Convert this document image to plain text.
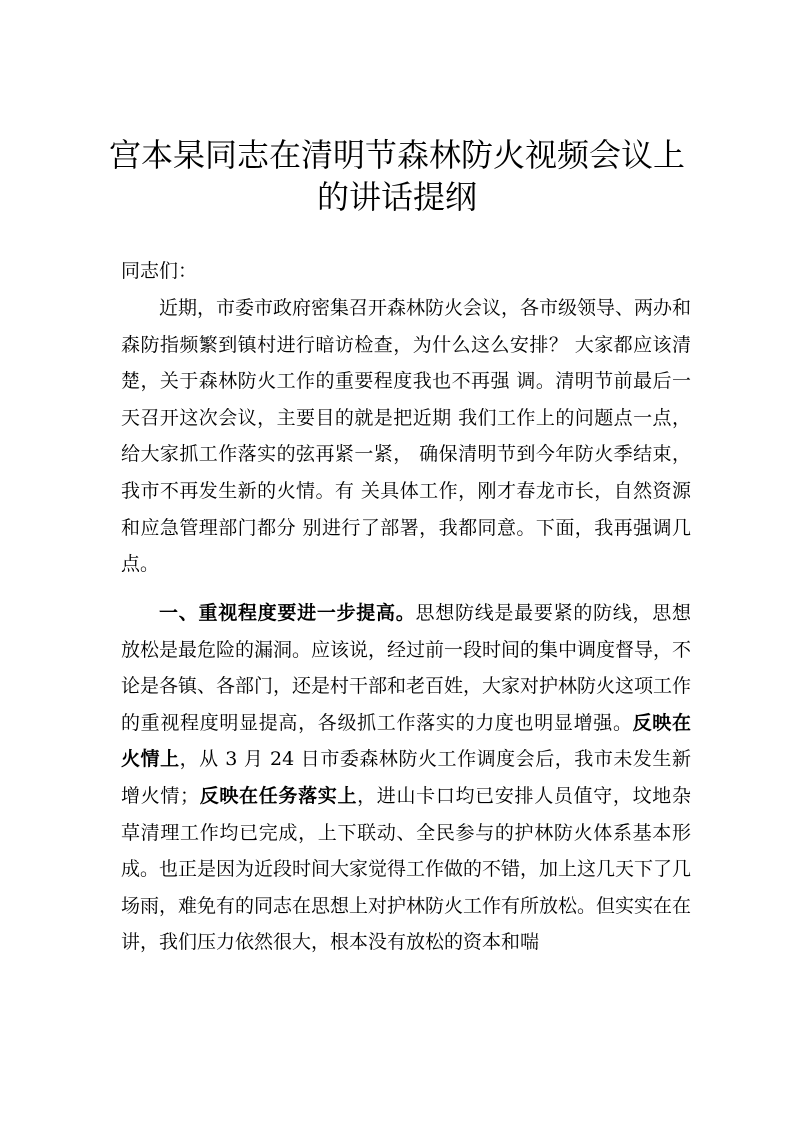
宫本杲同志在清明节森林防火视频会议上
的讲话提纲
同志们：

近期，市委市政府密集召开森林防火会议，各市级领导、两办和森防指频繁到镇村进行暗访检查，为什么这么安排？ 大家都应该清楚，关于森林防火工作的重要程度我也不再强 调。清明节前最后一天召开这次会议，主要目的就是把近期 我们工作上的问题点一点，给大家抓工作落实的弦再紧一紧， 确保清明节到今年防火季结束，我市不再发生新的火情。有 关具体工作，刚才春龙市长，自然资源和应急管理部门都分 别进行了部署，我都同意。下面，我再强调几点。

一、重视程度要进一步提高。思想防线是最要紧的防线，思想放松是最危险的漏洞。应该说，经过前一段时间的集中调度督导，不论是各镇、各部门，还是村干部和老百姓，大家对护林防火这项工作的重视程度明显提高，各级抓工作落实的力度也明显增强。反映在火情上，从 3 月 24 日市委森林防火工作调度会后，我市未发生新增火情；反映在任务落实上，进山卡口均已安排人员值守，坟地杂草清理工作均已完成，上下联动、全民参与的护林防火体系基本形成。也正是因为近段时间大家觉得工作做的不错，加上这几天下了几场雨，难免有的同志在思想上对护林防火工作有所放松。但实实在在讲，我们压力依然很大，根本没有放松的资本和喘
